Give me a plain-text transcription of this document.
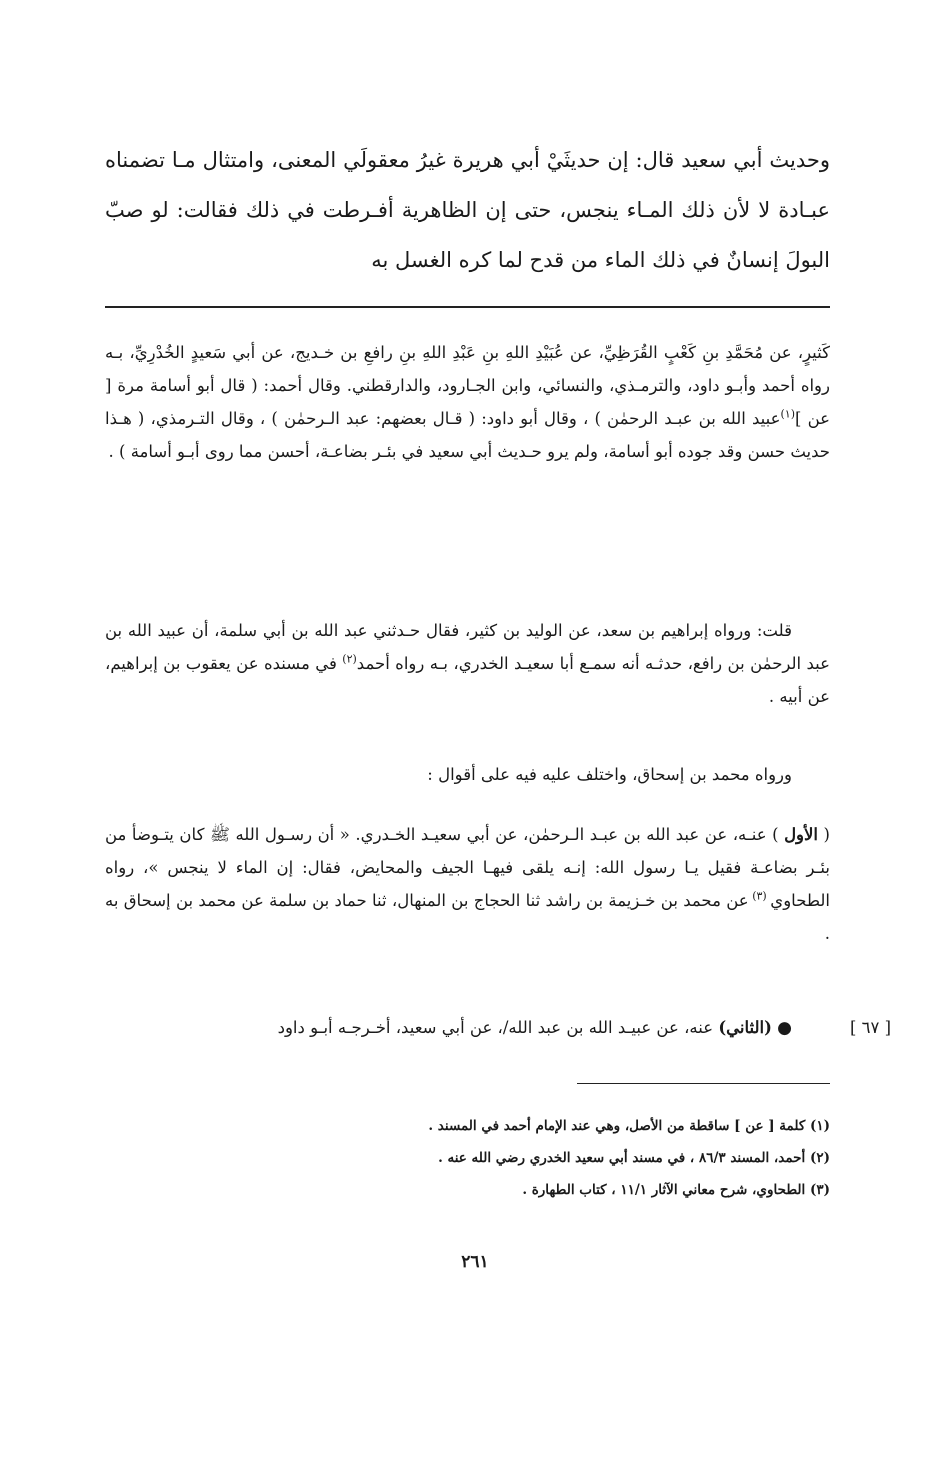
وحديث أبي سعيد قال: إن حديثَيْ أبي هريرة غيرُ معقولَي المعنى، وامتثال مـا تضمناه عبـادة لا لأن ذلك المـاء ينجس، حتى إن الظاهرية أفـرطت في ذلك فقالت: لو صبّ البولَ إنسانٌ في ذلك الماء من قدح لما كره الغسل به

كَثيرٍ، عن مُحَمَّدِ بنِ كَعْبٍ القُرَظِيِّ، عن عُبَيْدِ اللهِ بنِ عَبْدِ اللهِ بنِ رافعِ بن خـديج، عن أبي سَعيدٍ الخُدْرِيِّ، بـه رواه أحمد وأبـو داود، والترمـذي، والنسائي، وابن الجـارود، والدارقطني. وقال أحمد: ( قال أبو أسامة مرة [ عن ]$^{(١)}$عبيد الله بن عبـد الرحمٰن ) ، وقال أبو داود: ( قـال بعضهم: عبد الـرحمٰن ) ، وقال التـرمذي، ( هـذا حديث حسن وقد جوده أبو أسامة، ولم يرو حـديث أبي سعيد في بئـر بضاعـة، أحسن مما روى أبـو أسامة ) .

قلت: ورواه إبراهيم بن سعد، عن الوليد بن كثير، فقال حـدثني عبد الله بن أبي سلمة، أن عبيد الله بن عبد الرحمٰن بن رافع، حدثـه أنه سمـع أبا سعيـد الخدري، بـه رواه أحمد$^{(٢)}$ في مسنده عن يعقوب بن إبراهيم، عن أبيه .

ورواه محمد بن إسحاق، واختلف عليه فيه على أقوال :

( الأول ) عنـه، عن عبد الله بن عبـد الـرحمٰن، عن أبي سعيـد الخـدري. « أن رسـول الله ﷺ كان يتـوضأ من بئـر بضاعـة فقيل يـا رسول الله: إنـه يلقى فيهـا الجيف والمحايض، فقال: إن الماء لا ينجس »، رواه الطحاوي $^{(٣)}$ عن محمد بن خـزيمة بن راشد ثنا الحجاج بن المنهال، ثنا حماد بن سلمة عن محمد بن إسحاق به .

● (الثاني) عنه، عن عبيـد الله بن عبد الله/، عن أبي سعيد، أخـرجـه أبـو داود	[ ٦٧ ]
(١) كلمة [ عن ] ساقطة من الأصل، وهي عند الإمام أحمد في المسند .
(٢) أحمد، المسند ٨٦/٣ ، في مسند أبي سعيد الخدري رضي الله عنه .
(٣) الطحاوي، شرح معاني الآثار ١١/١ ، كتاب الطهارة .
٢٦١
